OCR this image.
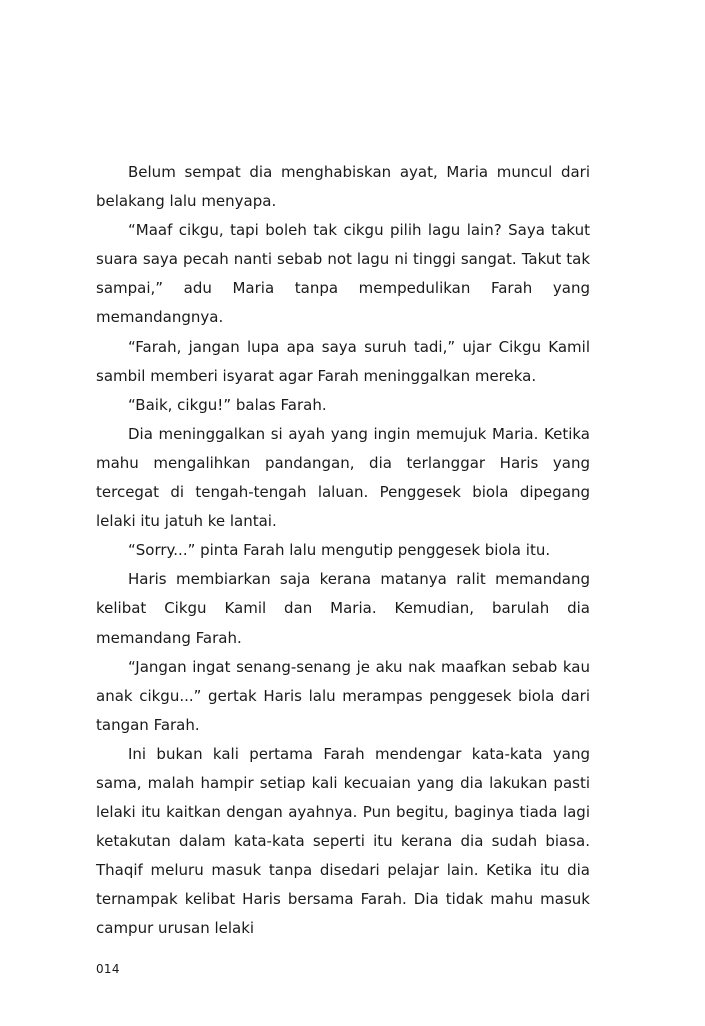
Belum sempat dia menghabiskan ayat, Maria muncul dari belakang lalu menyapa.

“Maaf cikgu, tapi boleh tak cikgu pilih lagu lain? Saya takut suara saya pecah nanti sebab not lagu ni tinggi sangat. Takut tak sampai,” adu Maria tanpa mempedulikan Farah yang memandangnya.

“Farah, jangan lupa apa saya suruh tadi,” ujar Cikgu Kamil sambil memberi isyarat agar Farah meninggalkan mereka.

“Baik, cikgu!” balas Farah.

Dia meninggalkan si ayah yang ingin memujuk Maria. Ketika mahu mengalihkan pandangan, dia terlanggar Haris yang tercegat di tengah-tengah laluan. Penggesek biola dipegang lelaki itu jatuh ke lantai.

“Sorry...” pinta Farah lalu mengutip penggesek biola itu.

Haris membiarkan saja kerana matanya ralit memandang kelibat Cikgu Kamil dan Maria. Kemudian, barulah dia memandang Farah.

“Jangan ingat senang-senang je aku nak maafkan sebab kau anak cikgu...” gertak Haris lalu merampas penggesek biola dari tangan Farah.

Ini bukan kali pertama Farah mendengar kata-kata yang sama, malah hampir setiap kali kecuaian yang dia lakukan pasti lelaki itu kaitkan dengan ayahnya. Pun begitu, baginya tiada lagi ketakutan dalam kata-kata seperti itu kerana dia sudah biasa. Thaqif meluru masuk tanpa disedari pelajar lain. Ketika itu dia ternampak kelibat Haris bersama Farah. Dia tidak mahu masuk campur urusan lelaki

014
